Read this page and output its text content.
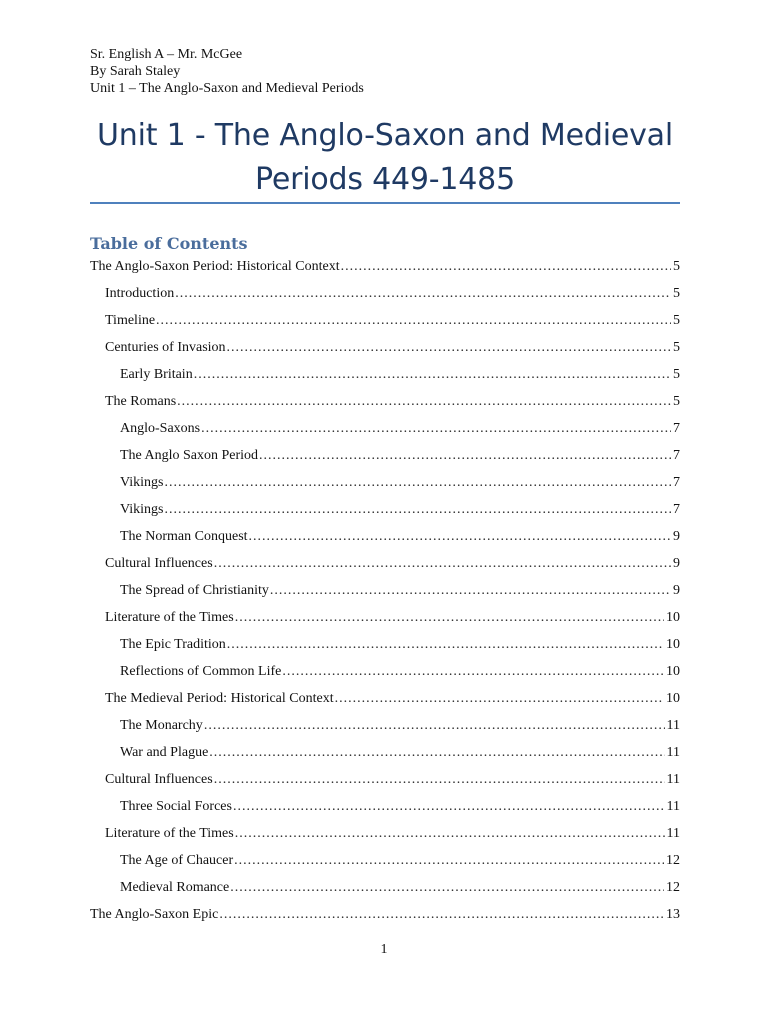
Sr. English A – Mr. McGee
By Sarah Staley
Unit 1 – The Anglo-Saxon and Medieval Periods
Unit 1 - The Anglo-Saxon and Medieval
Periods 449-1485
Table of Contents
The Anglo-Saxon Period: Historical Context .....	5
Introduction .....	5
Timeline .....	5
Centuries of Invasion .....	5
Early Britain .....	5
The Romans .....	5
Anglo-Saxons .....	7
The Anglo Saxon Period .....	7
Vikings .....	7
Vikings .....	7
The Norman Conquest .....	9
Cultural Influences .....	9
The Spread of Christianity .....	9
Literature of the Times .....	10
The Epic Tradition .....	10
Reflections of Common Life .....	10
The Medieval Period: Historical Context .....	10
The Monarchy .....	11
War and Plague .....	11
Cultural Influences .....	11
Three Social Forces .....	11
Literature of the Times .....	11
The Age of Chaucer .....	12
Medieval Romance .....	12
The Anglo-Saxon Epic .....	13
1
